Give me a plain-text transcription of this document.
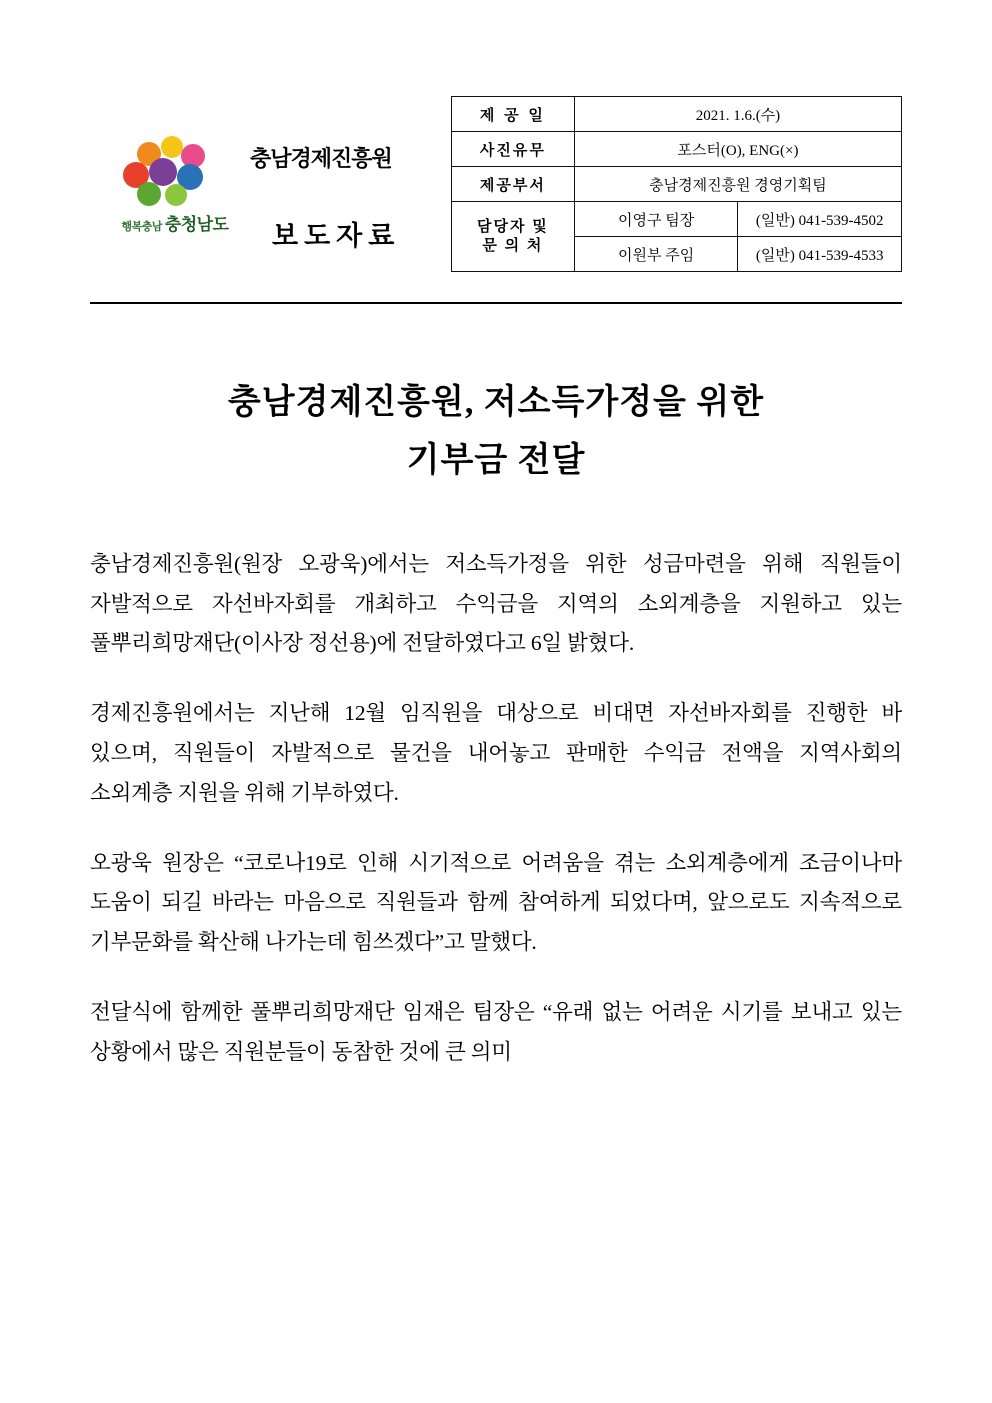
행복충남 충청남도
충남경제진흥원
보도자료
제 공 일	2021. 1.6.(수)	
사진유무	포스터(O), ENG(×)	
제공부서	충남경제진흥원 경영기획팀	
담당자 및
문 의 처	이영구 팀장	(일반) 041-539-4502
	이원부 주임	(일반) 041-539-4533
충남경제진흥원, 저소득가정을 위한
기부금 전달

충남경제진흥원(원장 오광욱)에서는 저소득가정을 위한 성금마련을 위해 직원들이 자발적으로 자선바자회를 개최하고 수익금을 지역의 소외계층을 지원하고 있는 풀뿌리희망재단(이사장 정선용)에 전달하였다고 6일 밝혔다.

경제진흥원에서는 지난해 12월 임직원을 대상으로 비대면 자선바자회를 진행한 바 있으며, 직원들이 자발적으로 물건을 내어놓고 판매한 수익금 전액을 지역사회의 소외계층 지원을 위해 기부하였다.

오광욱 원장은 “코로나19로 인해 시기적으로 어려움을 겪는 소외계층에게 조금이나마 도움이 되길 바라는 마음으로 직원들과 함께 참여하게 되었다며, 앞으로도 지속적으로 기부문화를 확산해 나가는데 힘쓰겠다”고 말했다.

전달식에 함께한 풀뿌리희망재단 임재은 팀장은 “유래 없는 어려운 시기를 보내고 있는 상황에서 많은 직원분들이 동참한 것에 큰 의미
